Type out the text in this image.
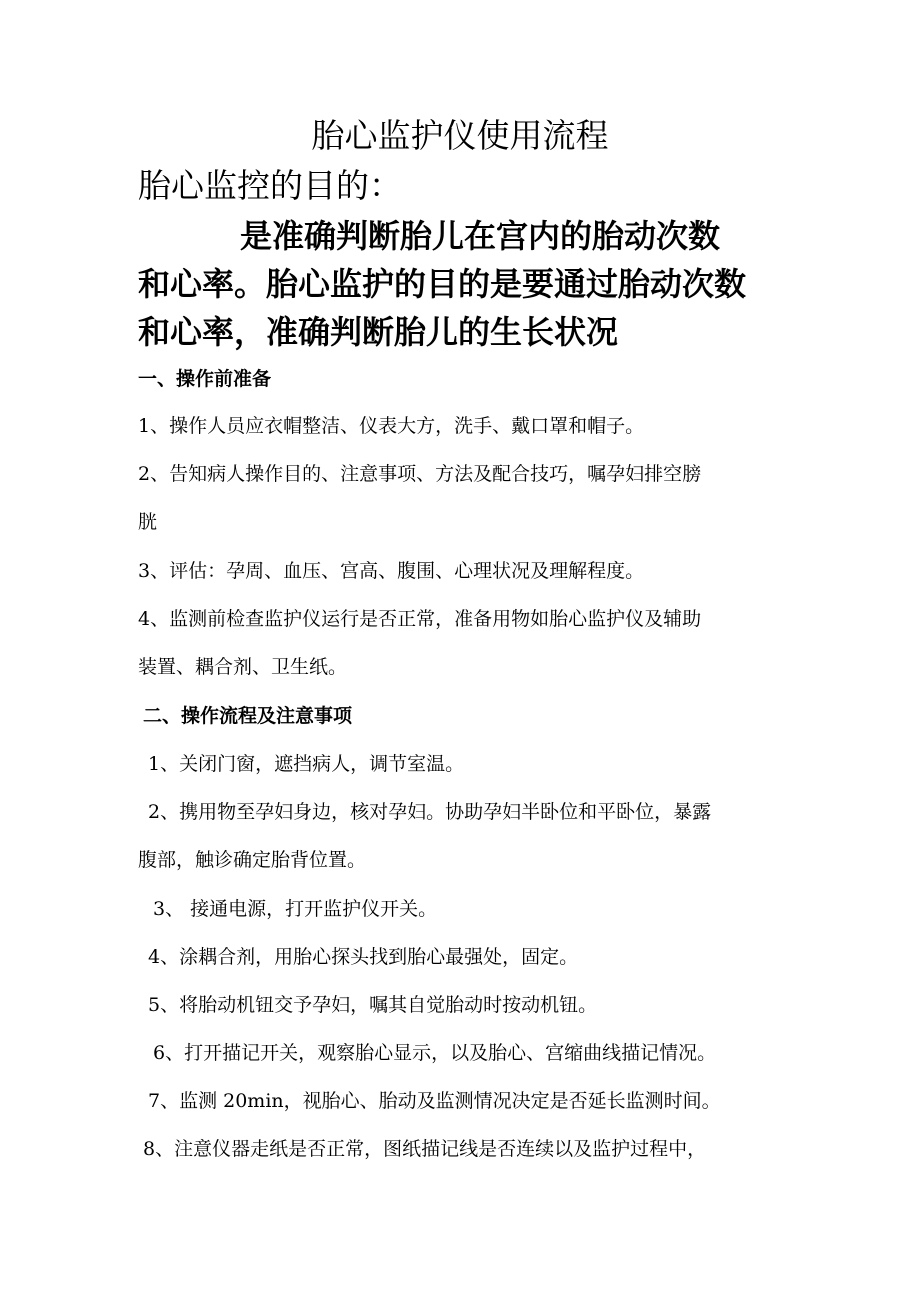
胎心监护仪使用流程
胎心监控的目的：
是准确判断胎儿在宫内的胎动次数
和心率。胎心监护的目的是要通过胎动次数
和心率，准确判断胎儿的生长状况
一、操作前准备
1、操作人员应衣帽整洁、仪表大方，洗手、戴口罩和帽子。
2、告知病人操作目的、注意事项、方法及配合技巧，嘱孕妇排空膀
胱
3、评估：孕周、血压、宫高、腹围、心理状况及理解程度。
4、监测前检查监护仪运行是否正常，准备用物如胎心监护仪及辅助
装置、耦合剂、卫生纸。
二、操作流程及注意事项
1、关闭门窗，遮挡病人，调节室温。
2、携用物至孕妇身边，核对孕妇。协助孕妇半卧位和平卧位，暴露
腹部，触诊确定胎背位置。
3、 接通电源，打开监护仪开关。
4、涂耦合剂，用胎心探头找到胎心最强处，固定。
5、将胎动机钮交予孕妇，嘱其自觉胎动时按动机钮。
6、打开描记开关，观察胎心显示，以及胎心、宫缩曲线描记情况。
7、监测 20min，视胎心、胎动及监测情况决定是否延长监测时间。
8、注意仪器走纸是否正常，图纸描记线是否连续以及监护过程中，
